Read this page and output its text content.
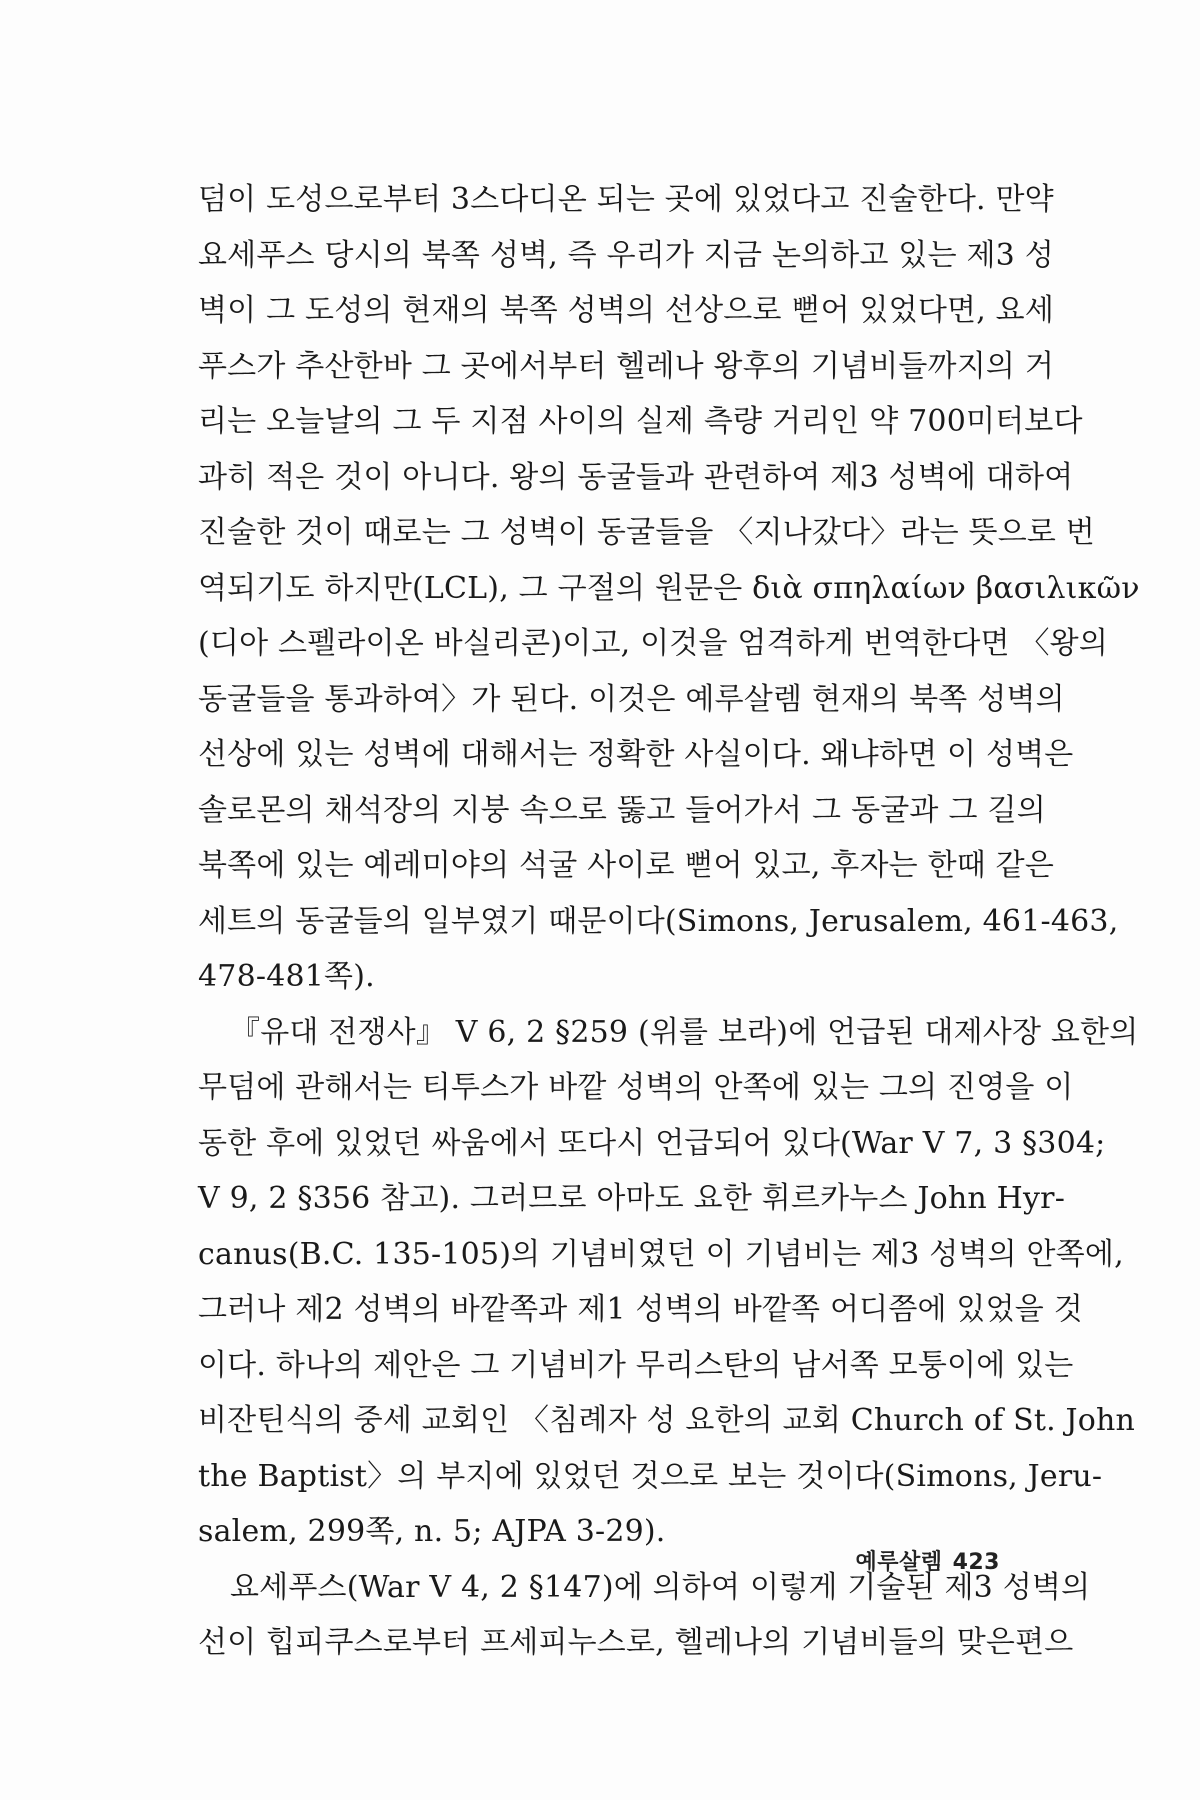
덤이 도성으로부터 3스다디온 되는 곳에 있었다고 진술한다. 만약
요세푸스 당시의 북쪽 성벽, 즉 우리가 지금 논의하고 있는 제3 성
벽이 그 도성의 현재의 북쪽 성벽의 선상으로 뻗어 있었다면, 요세
푸스가 추산한바 그 곳에서부터 헬레나 왕후의 기념비들까지의 거
리는 오늘날의 그 두 지점 사이의 실제 측량 거리인 약 700미터보다
과히 적은 것이 아니다. 왕의 동굴들과 관련하여 제3 성벽에 대하여
진술한 것이 때로는 그 성벽이 동굴들을 〈지나갔다〉라는 뜻으로 번
역되기도 하지만(LCL), 그 구절의 원문은 διὰ σπηλαίων βασιλικῶν
(디아 스펠라이온 바실리콘)이고, 이것을 엄격하게 번역한다면 〈왕의
동굴들을 통과하여〉가 된다. 이것은 예루살렘 현재의 북쪽 성벽의
선상에 있는 성벽에 대해서는 정확한 사실이다. 왜냐하면 이 성벽은
솔로몬의 채석장의 지붕 속으로 뚫고 들어가서 그 동굴과 그 길의
북쪽에 있는 예레미야의 석굴 사이로 뻗어 있고, 후자는 한때 같은
세트의 동굴들의 일부였기 때문이다(Simons, Jerusalem, 461-463,
478-481쪽).
『유대 전쟁사』 V 6, 2 §259 (위를 보라)에 언급된 대제사장 요한의
무덤에 관해서는 티투스가 바깥 성벽의 안쪽에 있는 그의 진영을 이
동한 후에 있었던 싸움에서 또다시 언급되어 있다(War V 7, 3 §304;
V 9, 2 §356 참고). 그러므로 아마도 요한 휘르카누스 John Hyr-
canus(B.C. 135-105)의 기념비였던 이 기념비는 제3 성벽의 안쪽에,
그러나 제2 성벽의 바깥쪽과 제1 성벽의 바깥쪽 어디쯤에 있었을 것
이다. 하나의 제안은 그 기념비가 무리스탄의 남서쪽 모퉁이에 있는
비잔틴식의 중세 교회인 〈침례자 성 요한의 교회 Church of St. John
the Baptist〉의 부지에 있었던 것으로 보는 것이다(Simons, Jeru-
salem, 299쪽, n. 5; AJPA 3-29).
요세푸스(War V 4, 2 §147)에 의하여 이렇게 기술된 제3 성벽의
선이 힙피쿠스로부터 프세피누스로, 헬레나의 기념비들의 맞은편으
예루살렘 423
